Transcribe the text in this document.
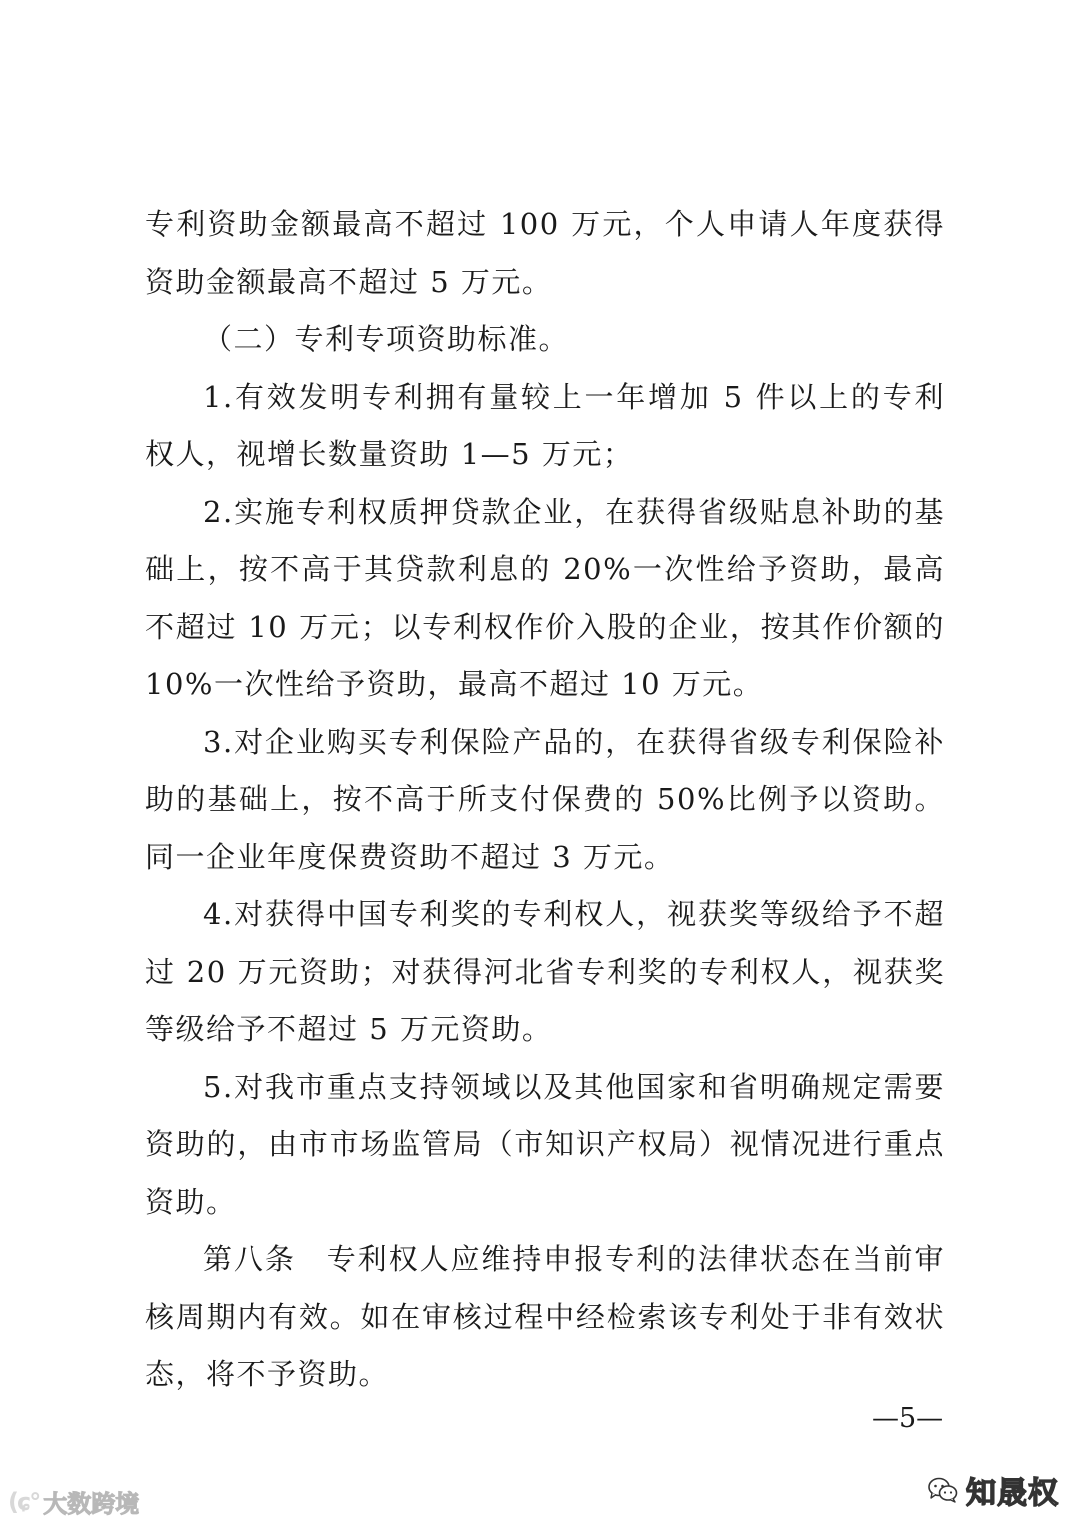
专利资助金额最高不超过 100 万元，个人申请人年度获得资助金额最高不超过 5 万元。

（二）专利专项资助标准。

1.有效发明专利拥有量较上一年增加 5 件以上的专利权人，视增长数量资助 1—5 万元；

2.实施专利权质押贷款企业，在获得省级贴息补助的基础上，按不高于其贷款利息的 20%一次性给予资助，最高不超过 10 万元；以专利权作价入股的企业，按其作价额的 10%一次性给予资助，最高不超过 10 万元。

3.对企业购买专利保险产品的，在获得省级专利保险补助的基础上，按不高于所支付保费的 50%比例予以资助。同一企业年度保费资助不超过 3 万元。

4.对获得中国专利奖的专利权人，视获奖等级给予不超过 20 万元资助；对获得河北省专利奖的专利权人，视获奖等级给予不超过 5 万元资助。

5.对我市重点支持领域以及其他国家和省明确规定需要资助的，由市市场监管局（市知识产权局）视情况进行重点资助。

第八条　专利权人应维持申报专利的法律状态在当前审核周期内有效。如在审核过程中经检索该专利处于非有效状态，将不予资助。

—5—
(ɕ° 大数跨境	知晟权
